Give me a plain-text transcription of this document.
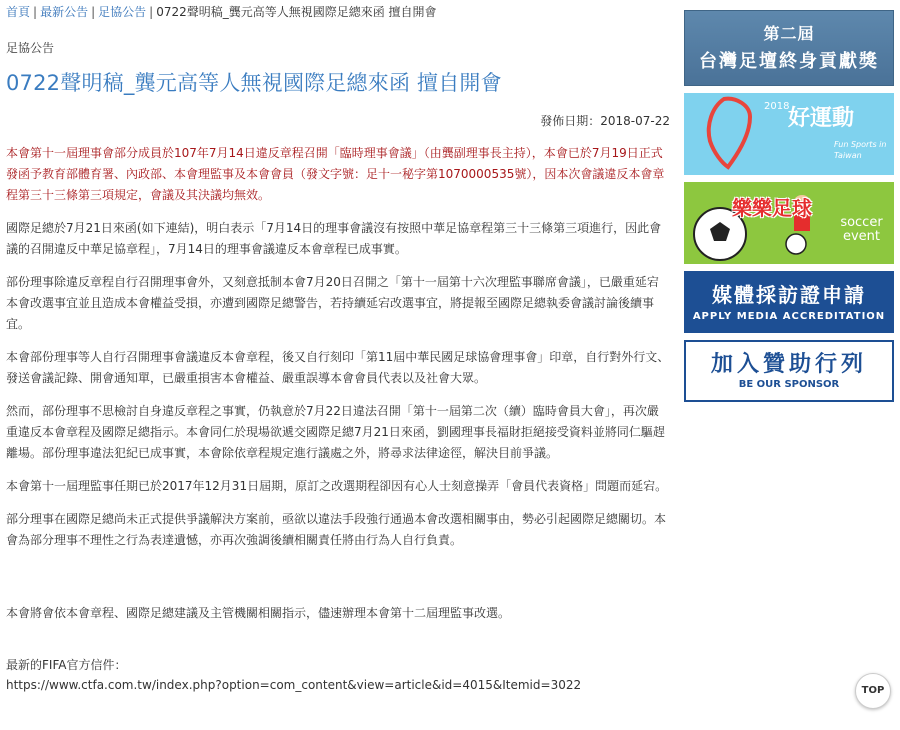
首頁 | 最新公告 | 足協公告 | 0722聲明稿_龔元高等人無視國際足總來函 擅自開會
足協公告
0722聲明稿_龔元高等人無視國際足總來函 擅自開會
發佈日期：2018-07-22

本會第十一屆理事會部分成員於107年7月14日違反章程召開「臨時理事會議」（由龔副理事長主持），本會已於7月19日正式發函予教育部體育署、內政部、本會理監事及本會會員（發文字號：足十一秘字第1070000535號），因本次會議違反本會章程第三十三條第三項規定，會議及其決議均無效。

國際足總於7月21日來函(如下連結)，明白表示「7月14日的理事會議沒有按照中華足協章程第三十三條第三項進行，因此會議的召開違反中華足協章程」，7月14日的理事會議違反本會章程已成事實。

部份理事除違反章程自行召開理事會外，又刻意抵制本會7月20日召開之「第十一屆第十六次理監事聯席會議」，已嚴重延宕本會改選事宜並且造成本會權益受損，亦遭到國際足總警告，若持續延宕改選事宜，將提報至國際足總執委會議討論後續事宜。

本會部份理事等人自行召開理事會議違反本會章程，後又自行刻印「第11屆中華民國足球協會理事會」印章，自行對外行文、發送會議記錄、開會通知單，已嚴重損害本會權益、嚴重誤導本會會員代表以及社會大眾。

然而，部份理事不思檢討自身違反章程之事實，仍執意於7月22日違法召開「第十一屆第二次（續）臨時會員大會」，再次嚴重違反本會章程及國際足總指示。本會同仁於現場欲遞交國際足總7月21日來函，劉國理事長福財拒絕接受資料並將同仁驅趕離場。部份理事違法犯紀已成事實，本會除依章程規定進行議處之外，將尋求法律途徑，解決目前爭議。

本會第十一屆理監事任期已於2017年12月31日屆期，原訂之改選期程卻因有心人士刻意操弄「會員代表資格」問題而延宕。

部分理事在國際足總尚未正式提供爭議解決方案前，亟欲以違法手段強行通過本會改選相關事由，勢必引起國際足總關切。本會為部分理事不理性之行為表達遺憾，亦再次強調後續相關責任將由行為人自行負責。

本會將會依本會章程、國際足總建議及主管機關相關指示，儘速辦理本會第十二屆理監事改選。

最新的FIFA官方信件：

https://www.ctfa.com.tw/index.php?option=com_content&view=article&id=4015&Itemid=3022
第二屆
台灣足壇終身貢獻獎
2018
好運動
Fun Sports in Taiwan
樂樂足球
soccer event
媒體採訪證申請
APPLY MEDIA ACCREDITATION
加入贊助行列
BE OUR SPONSOR
TOP
